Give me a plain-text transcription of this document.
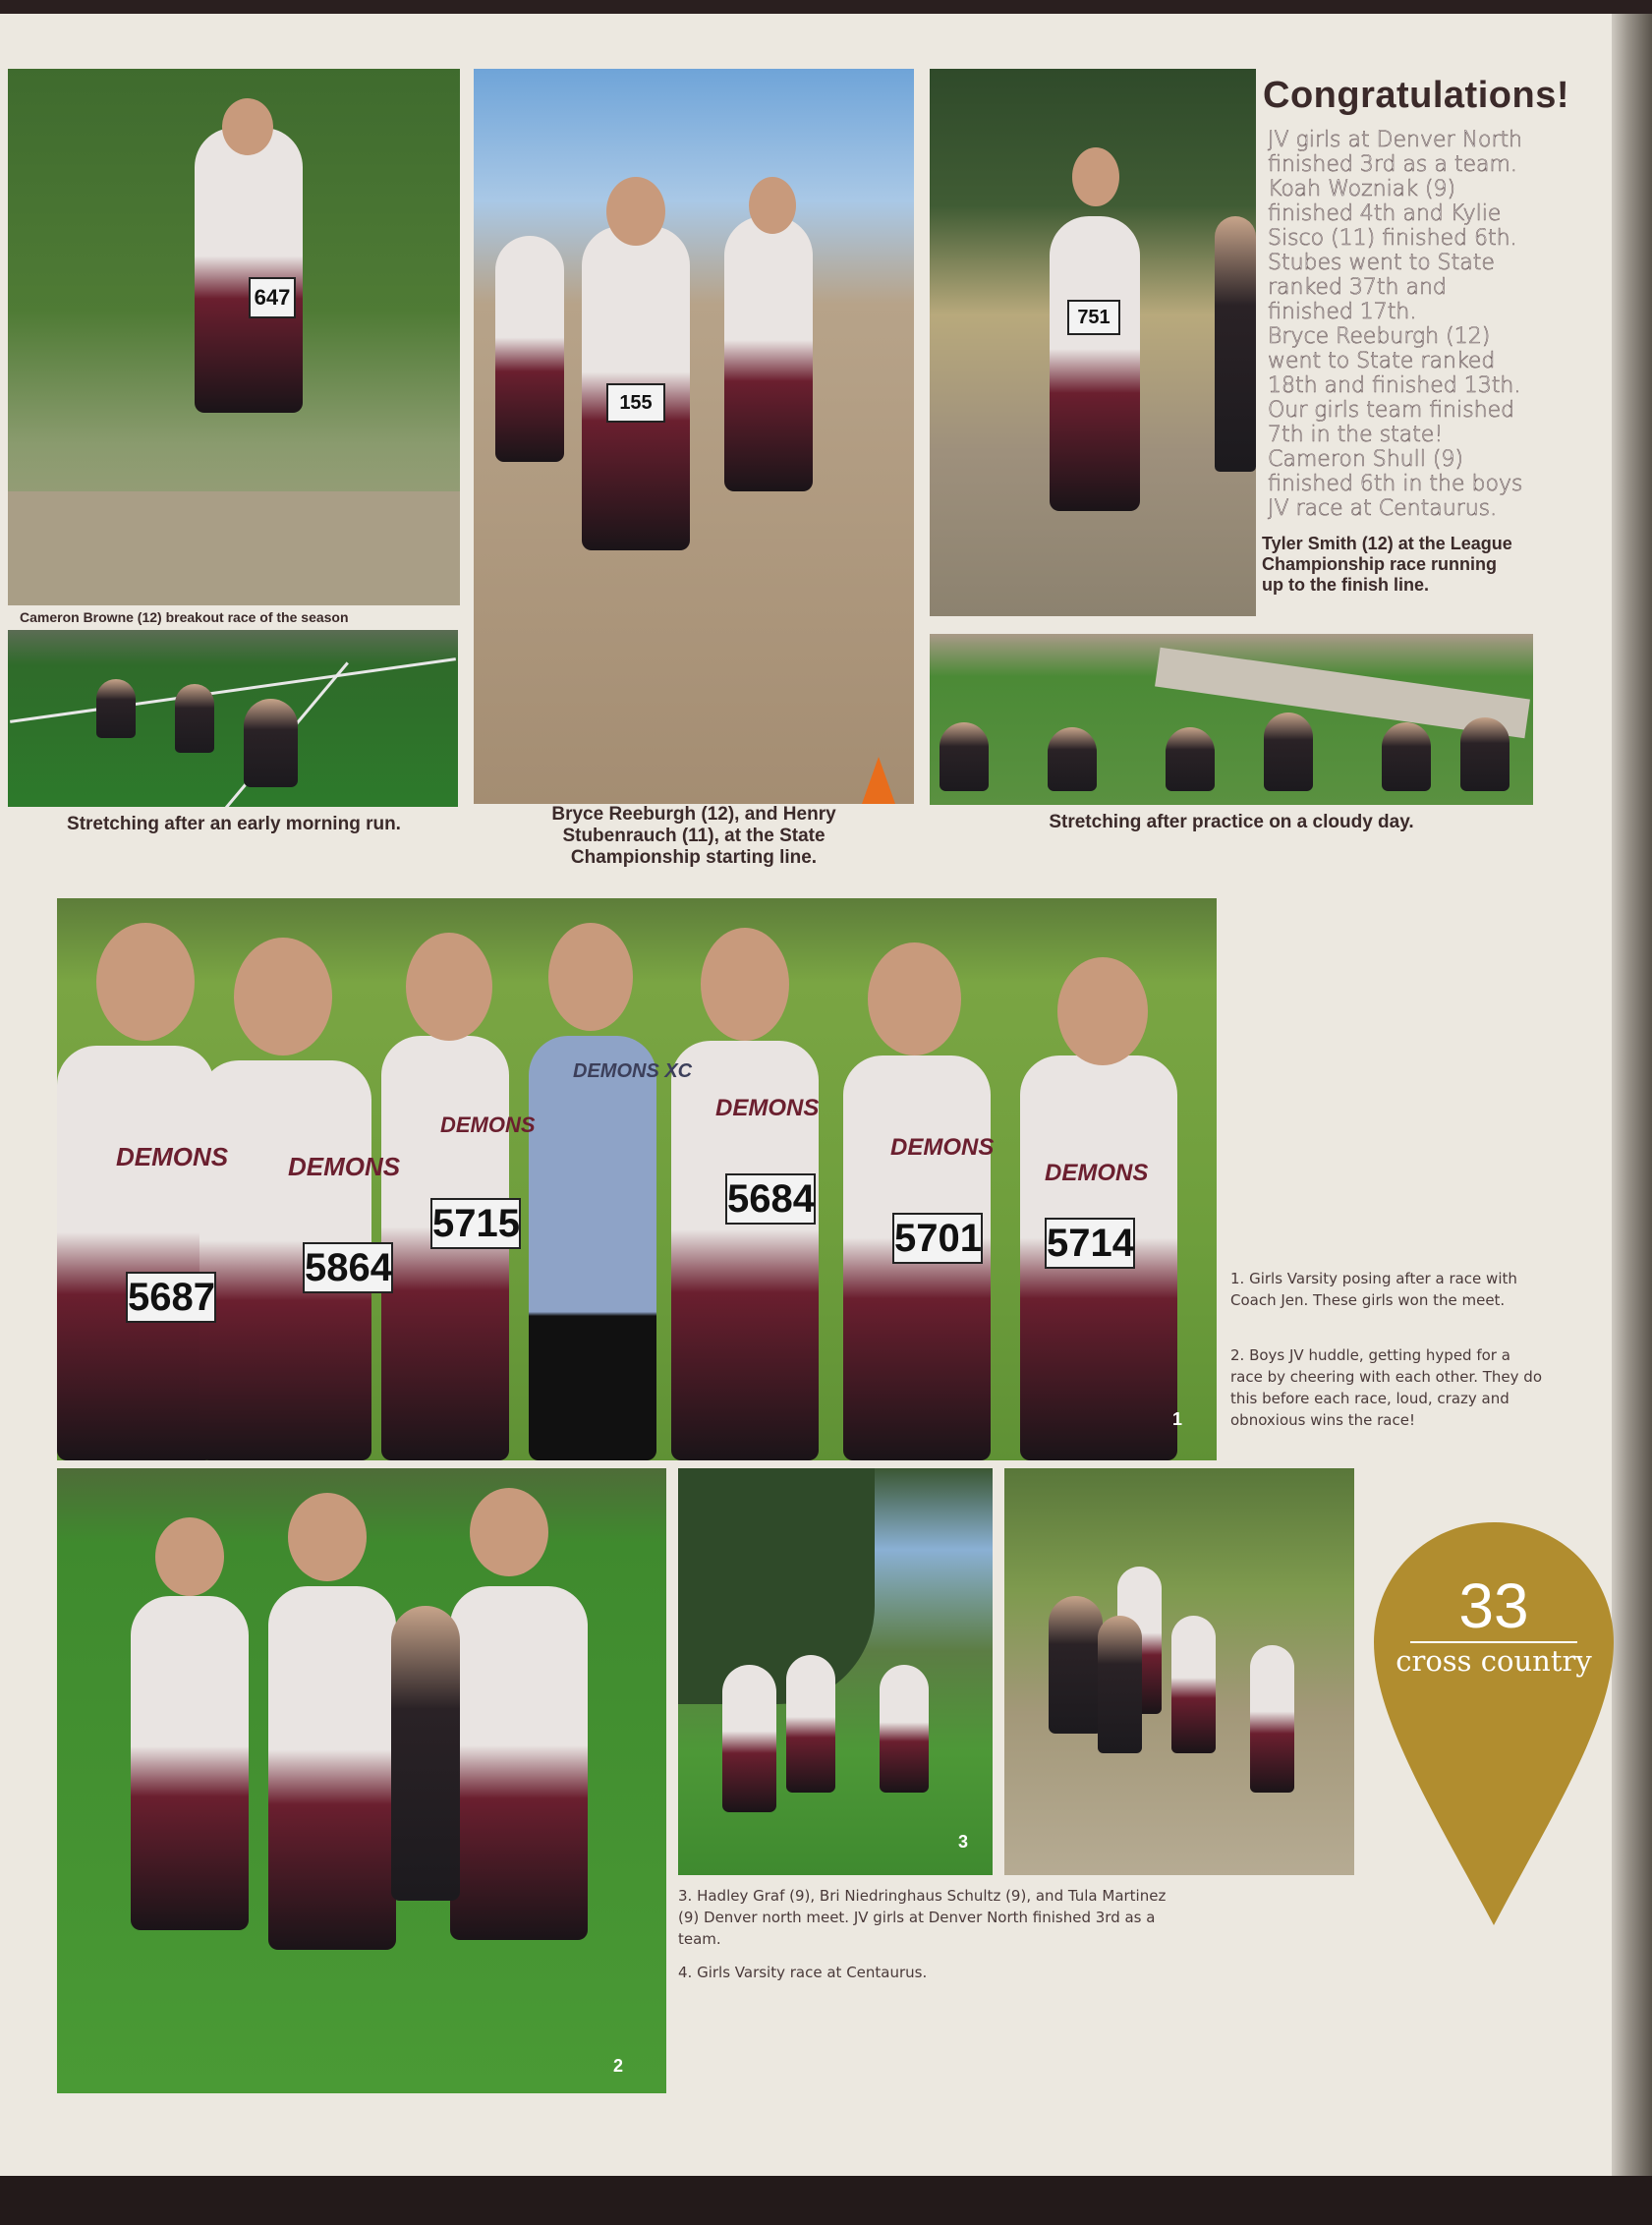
647
Cameron Browne (12) breakout race of the season
Stretching after an early morning run.
155
Bryce Reeburgh (12), and Henry Stubenrauch (11), at the State Championship starting line.
751
Congratulations!
JV girls at Denver North
finished 3rd as a team.
Koah Wozniak (9)
finished 4th and Kylie
Sisco (11) finished 6th.
Stubes went to State
ranked 37th and
finished 17th.
Bryce Reeburgh (12)
went to State ranked
18th and finished 13th.
Our girls team finished
7th in the state!
Cameron Shull (9)
finished 6th in the boys
JV race at Centaurus.
Tyler Smith (12) at the League Championship race running up to the finish line.
Stretching after practice on a cloudy day.
DEMONS DEMONS
DEMONS
DEMONS XC
DEMONS
DEMONS
DEMONS
5687
5864
5715
5684
5701 5714
1
1. Girls Varsity posing after a race with Coach Jen. These girls won the meet.
2. Boys JV huddle, getting hyped for a race by cheering with each other. They do this before each race, loud, crazy and obnoxious wins the race!
2
3
3. Hadley Graf (9), Bri Niedringhaus Schultz (9), and Tula Martinez (9) Denver north meet. JV girls at Denver North finished 3rd as a team.
4. Girls Varsity race at Centaurus.
33
cross country
